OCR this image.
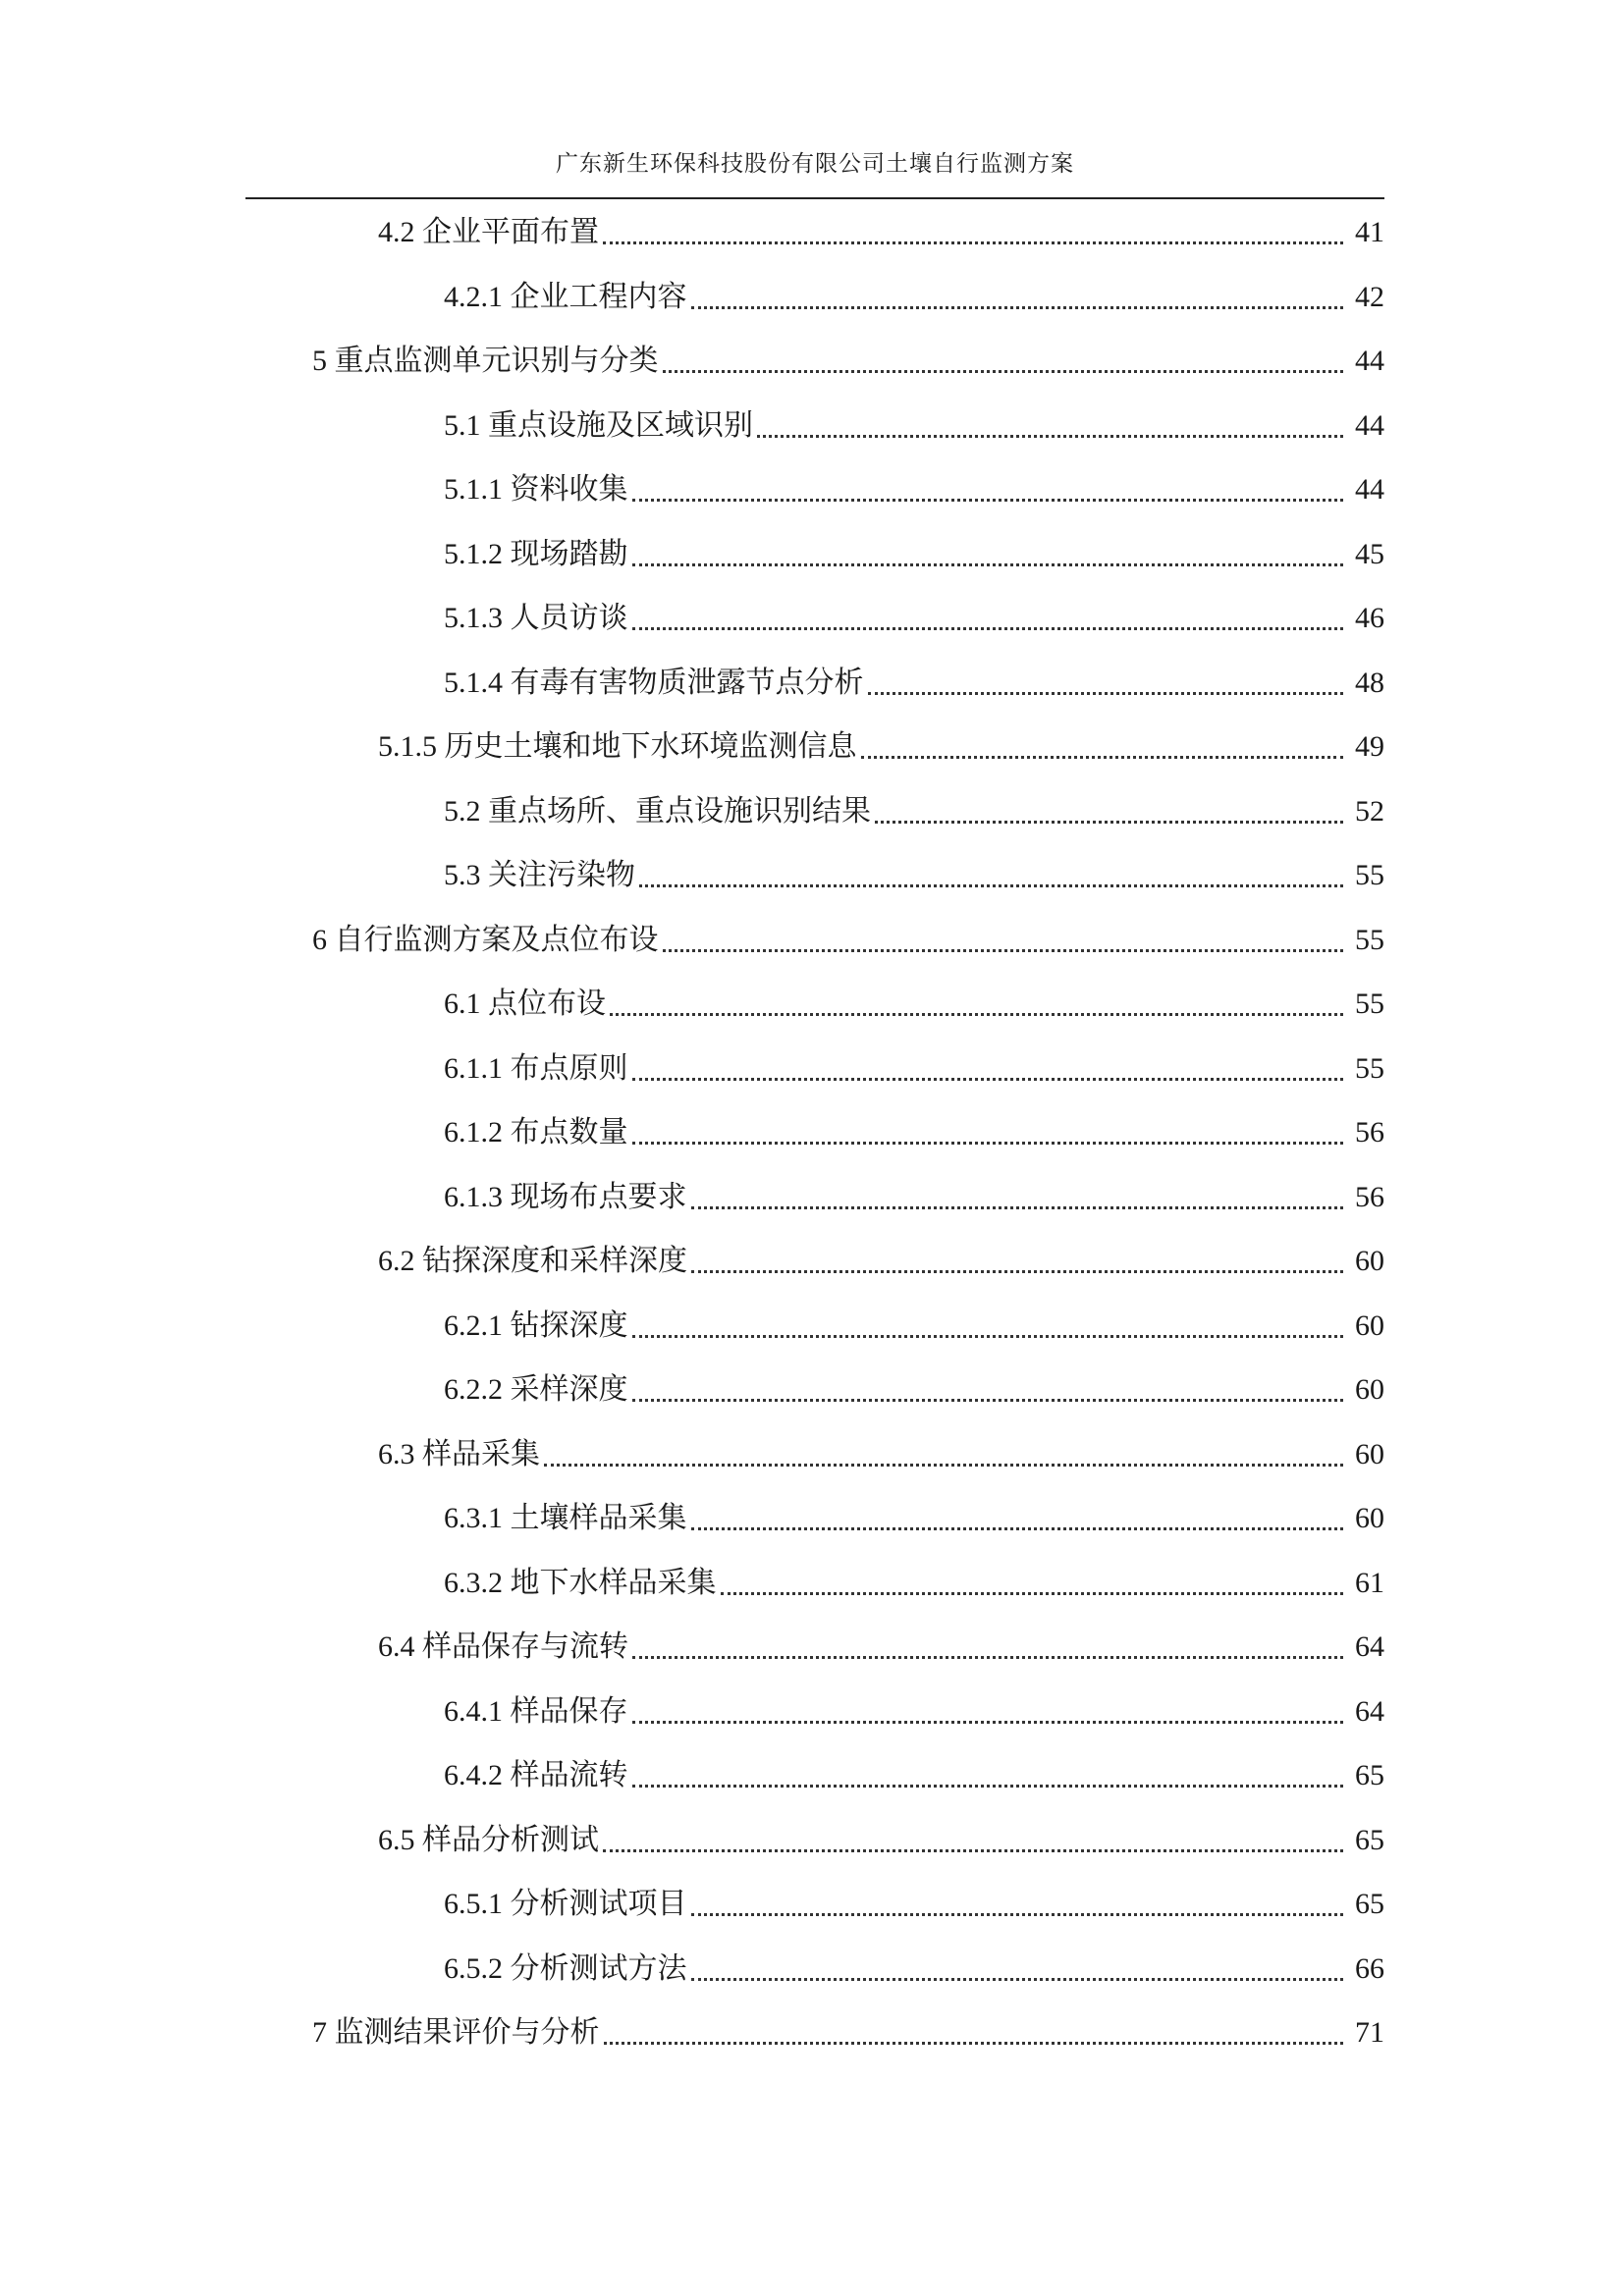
广东新生环保科技股份有限公司土壤自行监测方案
4.2 企业平面布置	41
4.2.1 企业工程内容	42
5 重点监测单元识别与分类	44
5.1 重点设施及区域识别	44
5.1.1 资料收集	44
5.1.2 现场踏勘	45
5.1.3 人员访谈	46
5.1.4 有毒有害物质泄露节点分析	48
5.1.5 历史土壤和地下水环境监测信息	49
5.2 重点场所、重点设施识别结果	52
5.3 关注污染物	55
6 自行监测方案及点位布设	55
6.1 点位布设	55
6.1.1 布点原则	55
6.1.2 布点数量	56
6.1.3 现场布点要求	56
6.2 钻探深度和采样深度	60
6.2.1 钻探深度	60
6.2.2 采样深度	60
6.3 样品采集	60
6.3.1 土壤样品采集	60
6.3.2 地下水样品采集	61
6.4 样品保存与流转	64
6.4.1 样品保存	64
6.4.2 样品流转	65
6.5 样品分析测试	65
6.5.1 分析测试项目	65
6.5.2 分析测试方法	66
7 监测结果评价与分析	71
